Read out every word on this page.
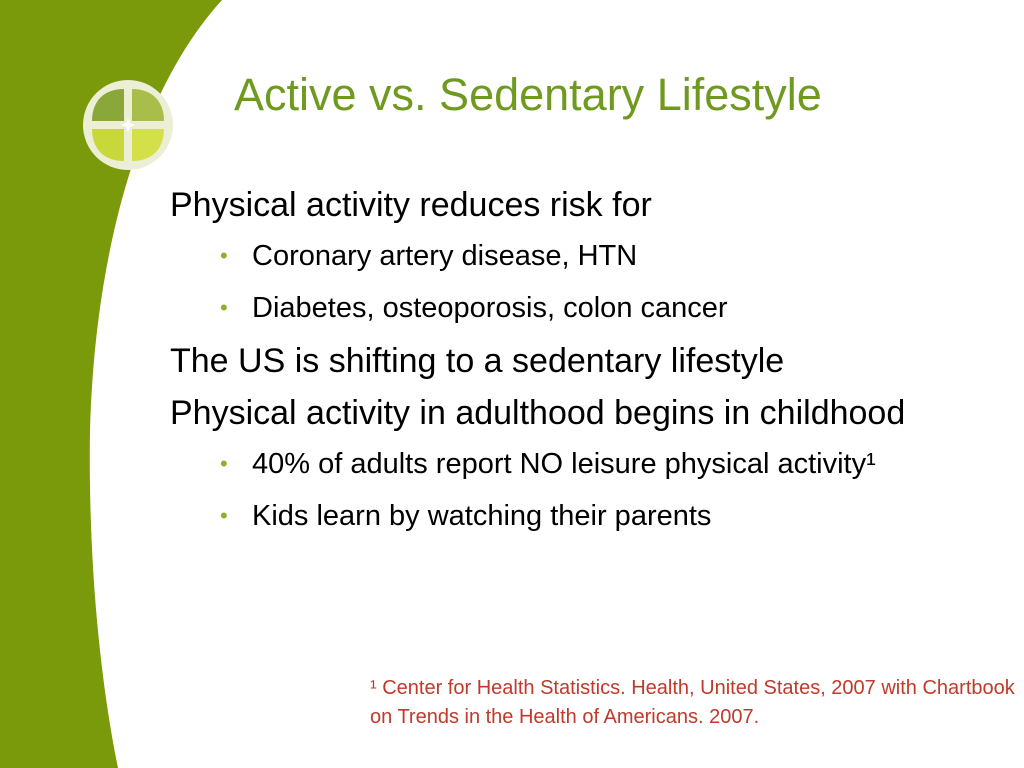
Active vs. Sedentary Lifestyle
Physical activity reduces risk for
• Coronary artery disease, HTN
• Diabetes, osteoporosis, colon cancer
The US is shifting to a sedentary lifestyle
Physical activity in adulthood begins in childhood
• 40% of adults report NO leisure physical activity¹
• Kids learn by watching their parents
¹ Center for Health Statistics. Health, United States, 2007 with Chartbook on Trends in the Health of Americans. 2007.
